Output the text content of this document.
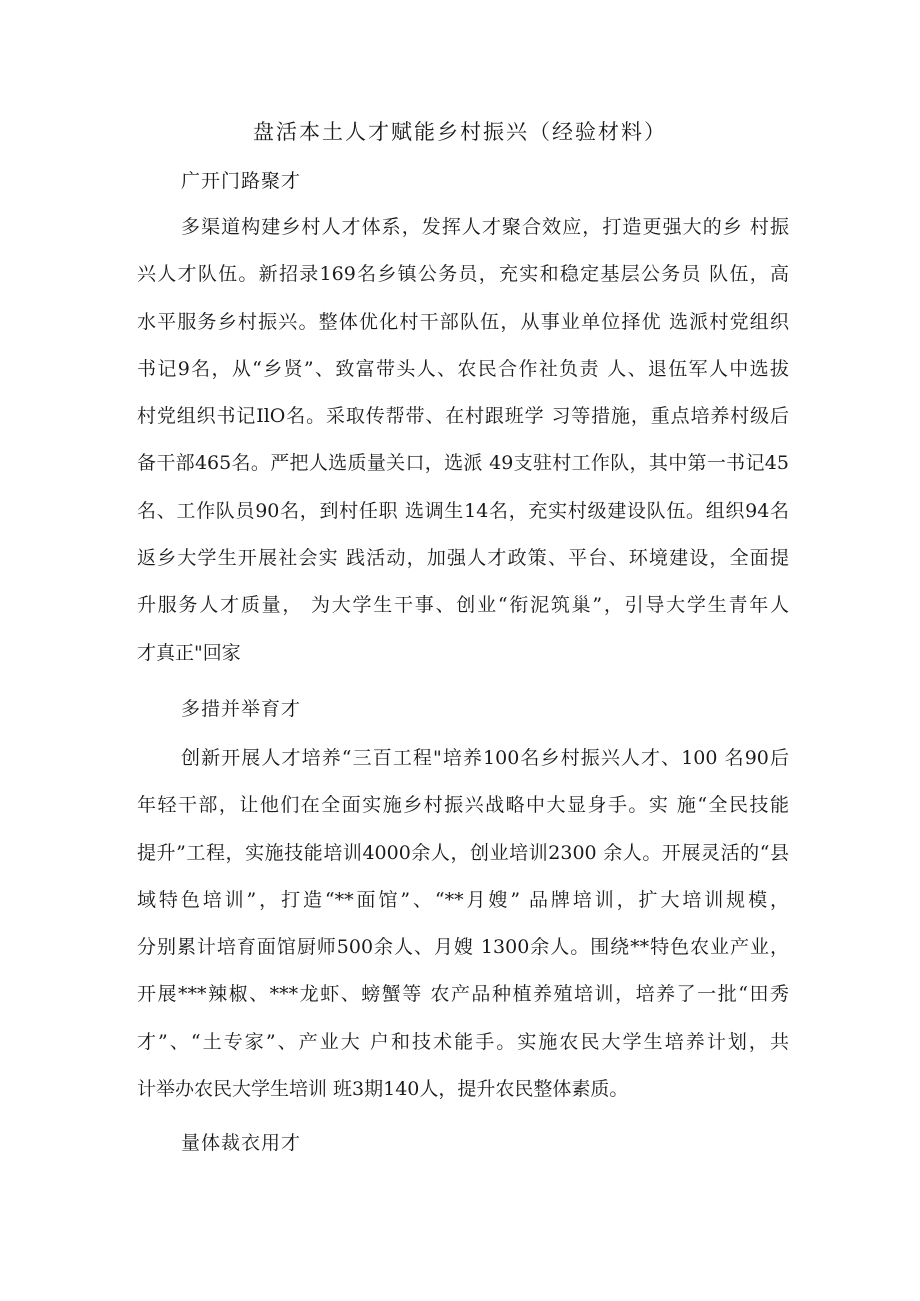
盘活本土人才赋能乡村振兴（经验材料）
广开门路聚才
多渠道构建乡村人才体系，发挥人才聚合效应，打造更强大的乡 村振
兴人才队伍。新招录169名乡镇公务员，充实和稳定基层公务员 队伍，高
水平服务乡村振兴。整体优化村干部队伍，从事业单位择优 选派村党组织
书记9名，从“乡贤”、致富带头人、农民合作社负责 人、退伍军人中选拔
村党组织书记IlO名。采取传帮带、在村跟班学 习等措施，重点培养村级后
备干部465名。严把人选质量关口，选派 49支驻村工作队，其中第一书记45
名、工作队员90名，到村任职 选调生14名，充实村级建设队伍。组织94名
返乡大学生开展社会实 践活动，加强人才政策、平台、环境建设，全面提
升服务人才质量， 为大学生干事、创业“衔泥筑巢”，引导大学生青年人
才真正"回家
多措并举育才
创新开展人才培养“三百工程"培养100名乡村振兴人才、100 名90后
年轻干部，让他们在全面实施乡村振兴战略中大显身手。实 施“全民技能
提升”工程，实施技能培训4000余人，创业培训2300 余人。开展灵活的“县
域特色培训”，打造“**面馆”、“**月嫂” 品牌培训，扩大培训规模，
分别累计培育面馆厨师500余人、月嫂 1300余人。围绕**特色农业产业，
开展***辣椒、***龙虾、螃蟹等 农产品种植养殖培训，培养了一批“田秀
才”、“土专家”、产业大 户和技术能手。实施农民大学生培养计划，共
计举办农民大学生培训 班3期140人，提升农民整体素质。
量体裁衣用才
